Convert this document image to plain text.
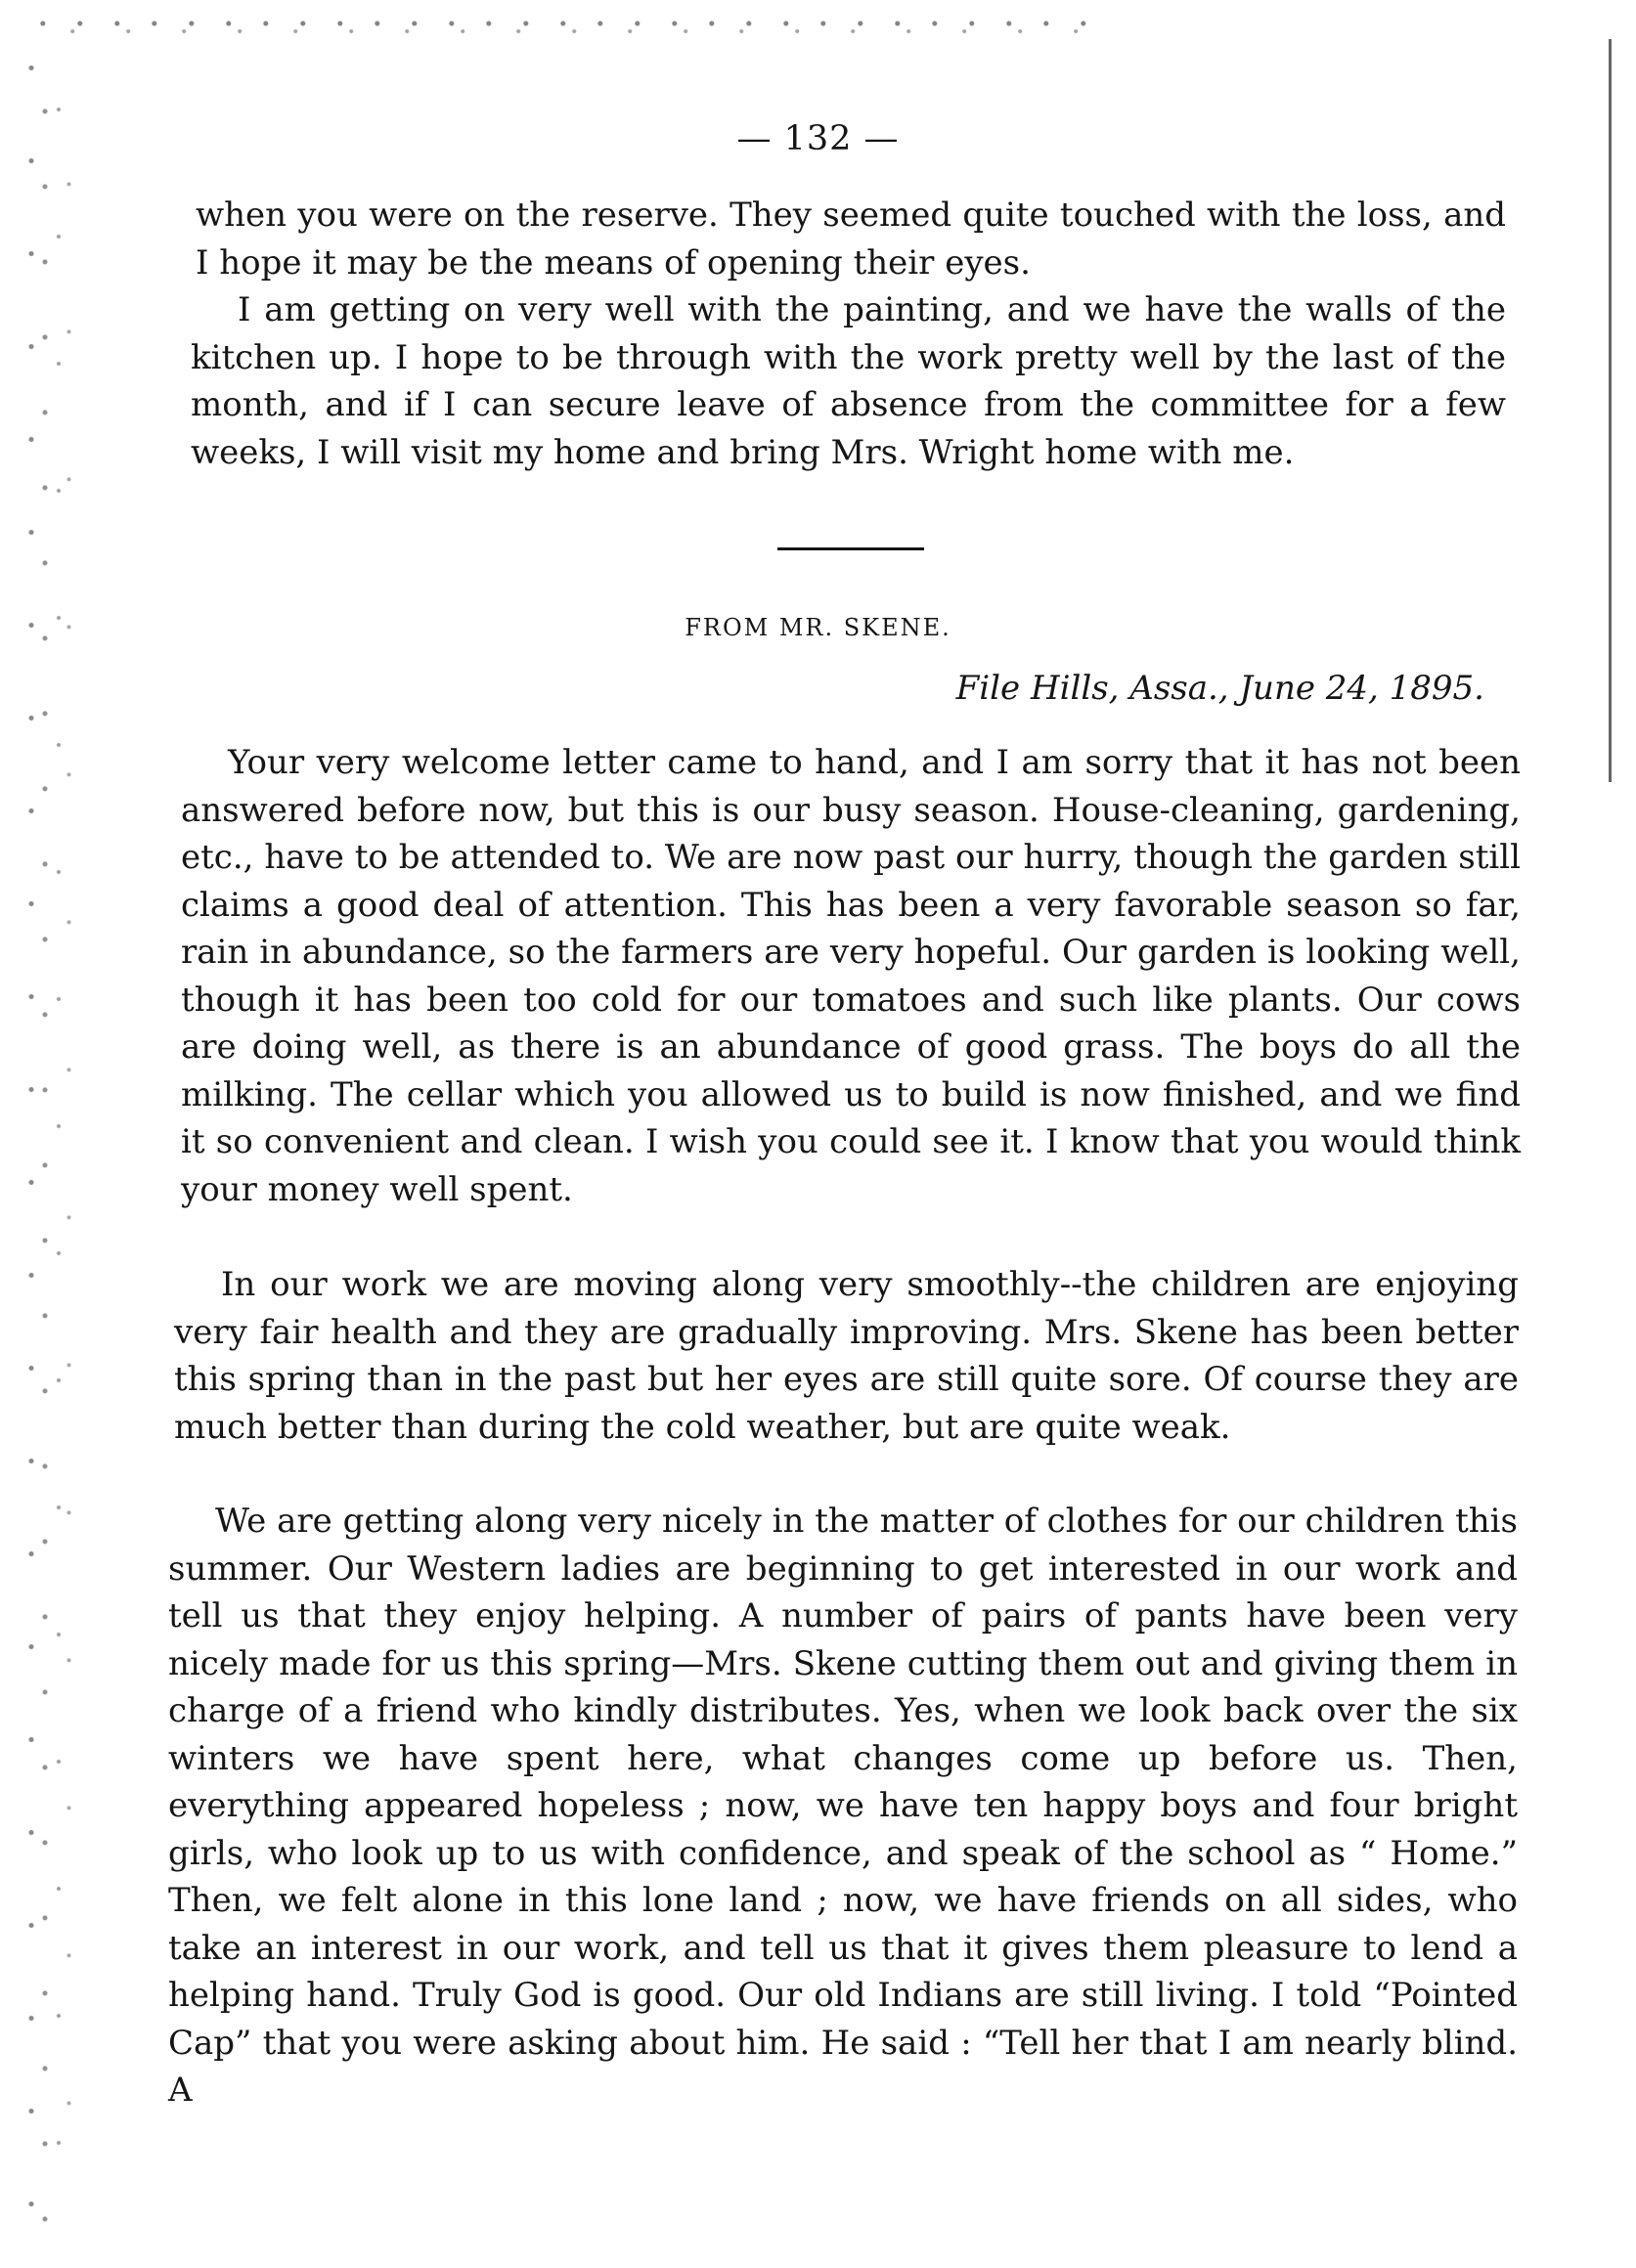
— 132 —

when you were on the reserve. They seemed quite touched with the loss, and I hope it may be the means of opening their eyes.

I am getting on very well with the painting, and we have the walls of the kitchen up. I hope to be through with the work pretty well by the last of the month, and if I can secure leave of absence from the committee for a few weeks, I will visit my home and bring Mrs. Wright home with me.

FROM MR. SKENE.
File Hills, Assa., June 24, 1895.

Your very welcome letter came to hand, and I am sorry that it has not been answered before now, but this is our busy season. House-cleaning, gardening, etc., have to be attended to. We are now past our hurry, though the garden still claims a good deal of attention. This has been a very favorable season so far, rain in abundance, so the farmers are very hopeful. Our garden is looking well, though it has been too cold for our tomatoes and such like plants. Our cows are doing well, as there is an abundance of good grass. The boys do all the milking. The cellar which you allowed us to build is now finished, and we find it so convenient and clean. I wish you could see it. I know that you would think your money well spent.

In our work we are moving along very smoothly--the children are enjoying very fair health and they are gradually improving. Mrs. Skene has been better this spring than in the past but her eyes are still quite sore. Of course they are much better than during the cold weather, but are quite weak.

We are getting along very nicely in the matter of clothes for our children this summer. Our Western ladies are beginning to get interested in our work and tell us that they enjoy helping. A number of pairs of pants have been very nicely made for us this spring—Mrs. Skene cutting them out and giving them in charge of a friend who kindly distributes. Yes, when we look back over the six winters we have spent here, what changes come up before us. Then, everything appeared hopeless ; now, we have ten happy boys and four bright girls, who look up to us with confidence, and speak of the school as “ Home.” Then, we felt alone in this lone land ; now, we have friends on all sides, who take an interest in our work, and tell us that it gives them pleasure to lend a helping hand. Truly God is good. Our old Indians are still living. I told “Pointed Cap” that you were asking about him. He said : “Tell her that I am nearly blind. A
